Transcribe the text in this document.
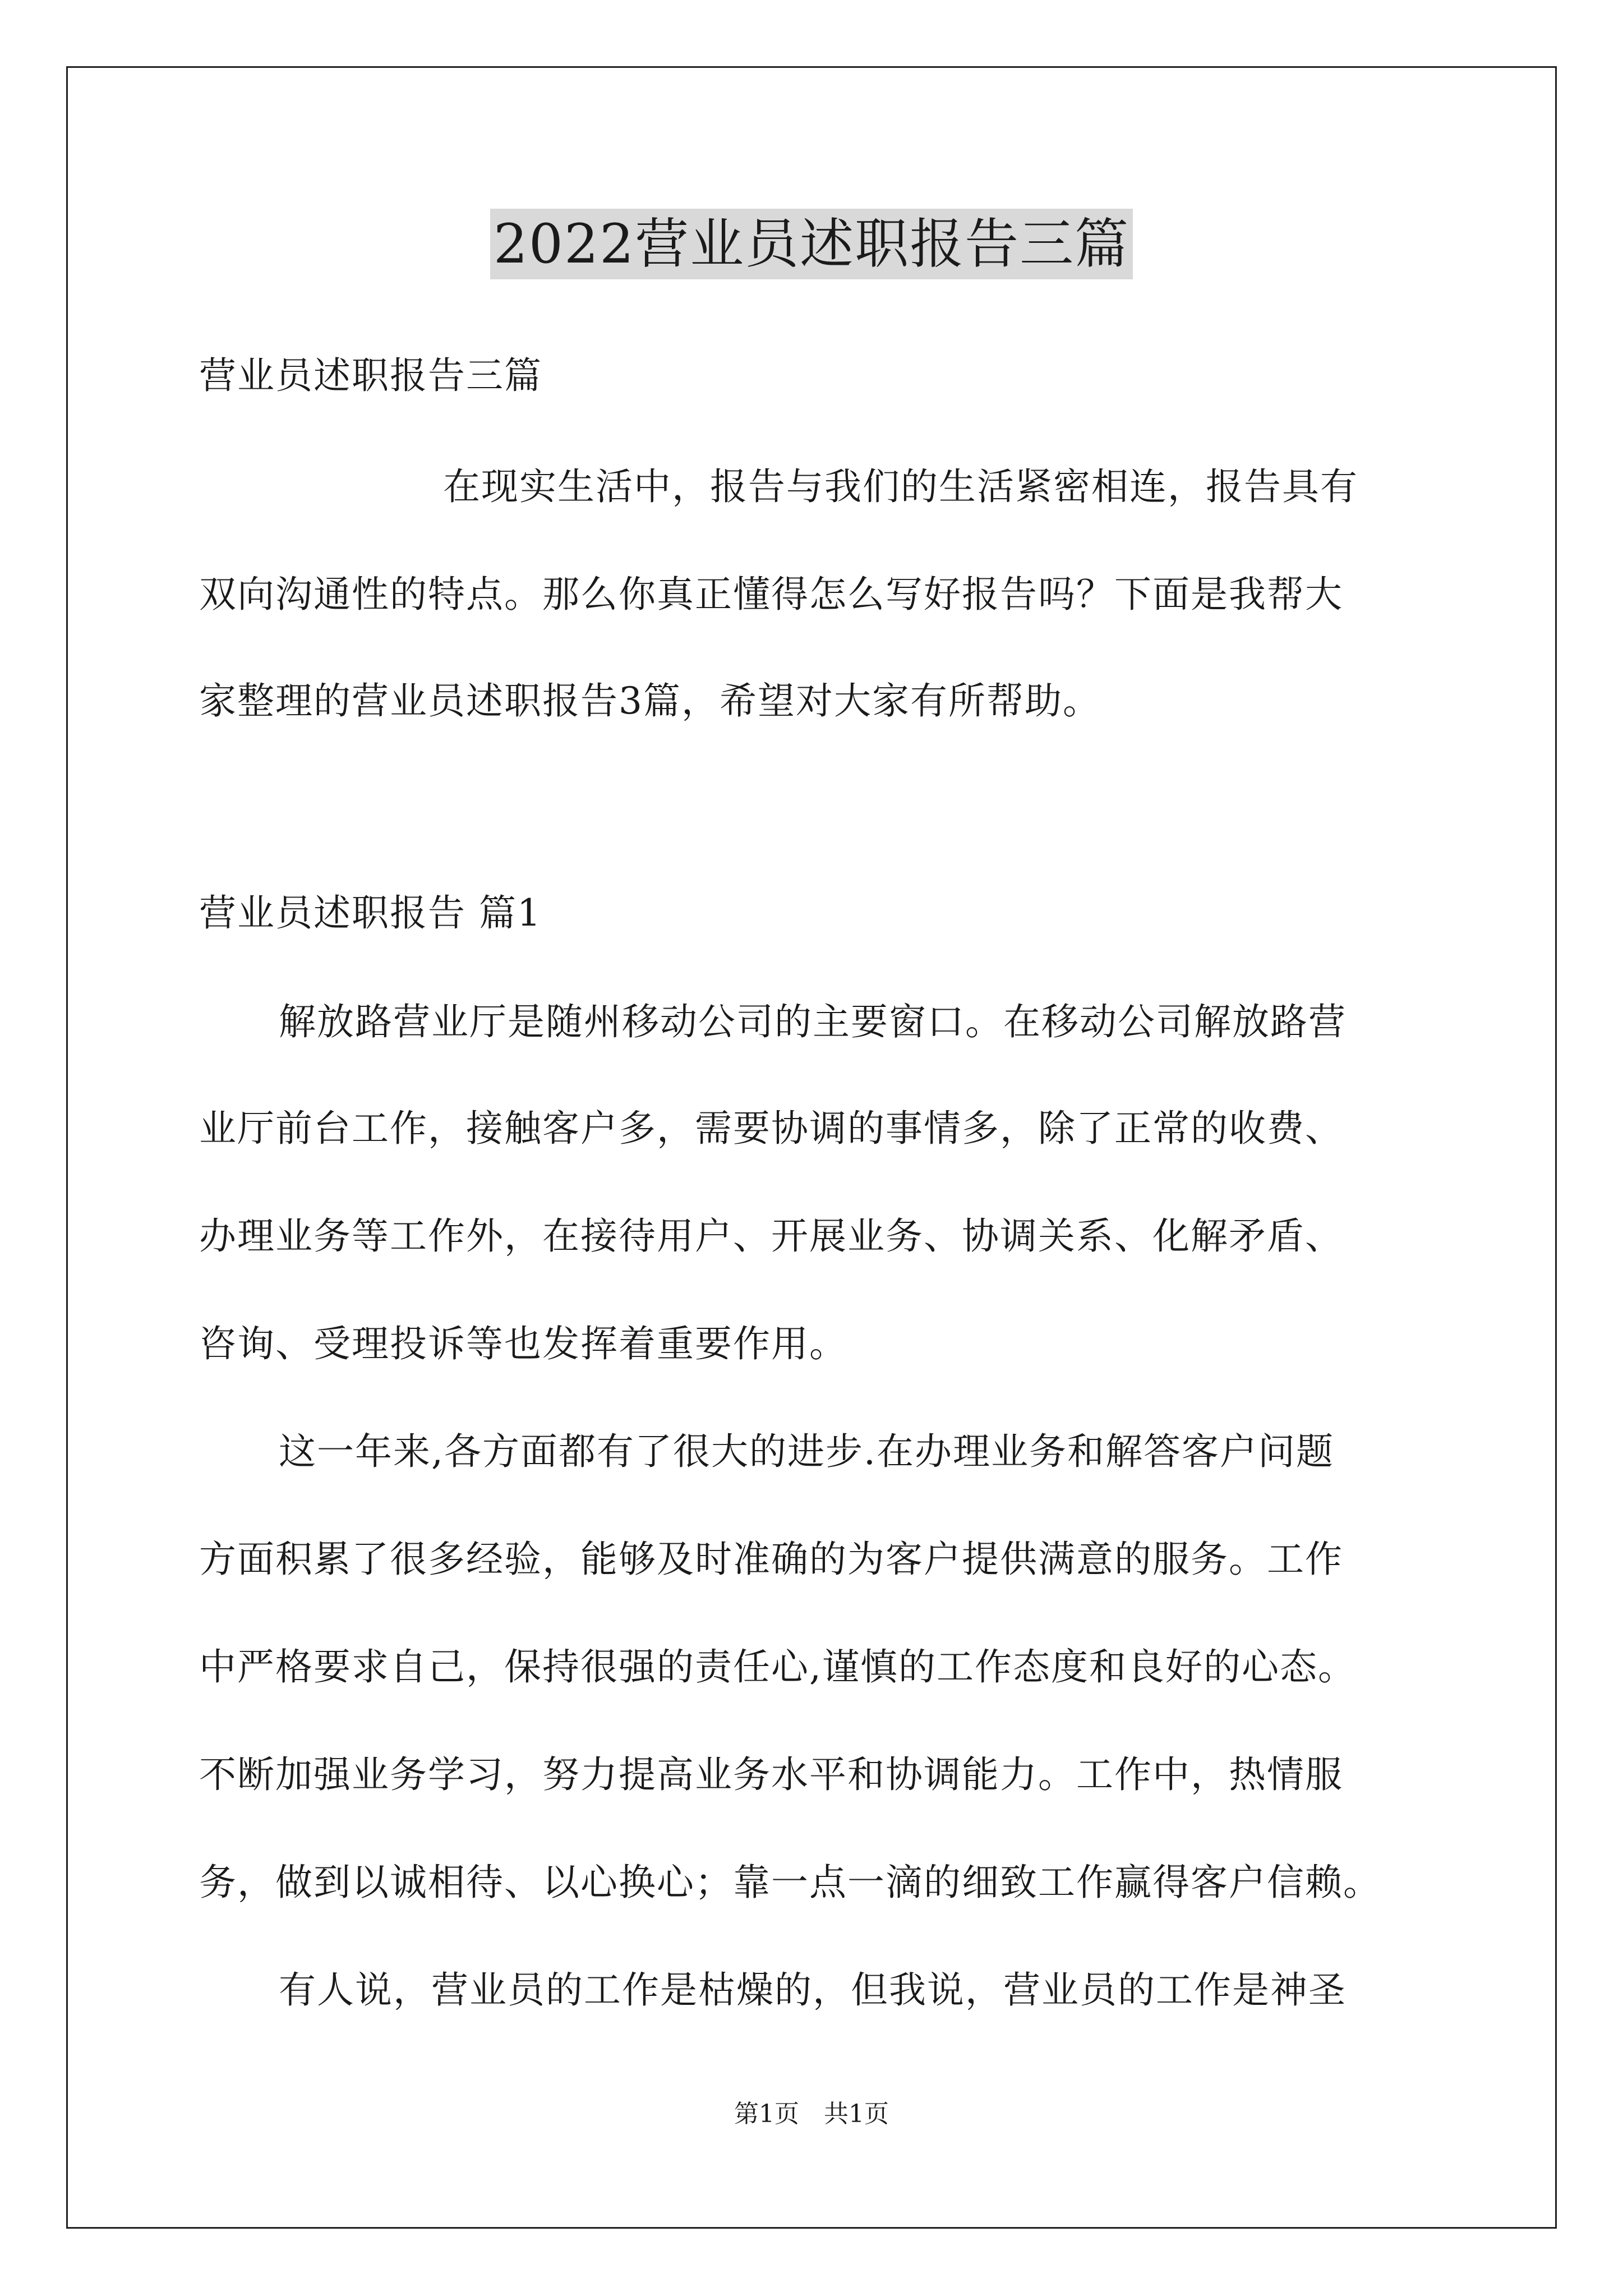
2022营业员述职报告三篇
营业员述职报告三篇
在现实生活中，报告与我们的生活紧密相连，报告具有
双向沟通性的特点。那么你真正懂得怎么写好报告吗？下面是我帮大
家整理的营业员述职报告3篇，希望对大家有所帮助。
营业员述职报告 篇1
解放路营业厅是随州移动公司的主要窗口。在移动公司解放路营
业厅前台工作，接触客户多，需要协调的事情多，除了正常的收费、
办理业务等工作外，在接待用户、开展业务、协调关系、化解矛盾、
咨询、受理投诉等也发挥着重要作用。
这一年来,各方面都有了很大的进步.在办理业务和解答客户问题
方面积累了很多经验，能够及时准确的为客户提供满意的服务。工作
中严格要求自己，保持很强的责任心,谨慎的工作态度和良好的心态。
不断加强业务学习，努力提高业务水平和协调能力。工作中，热情服
务，做到以诚相待、以心换心；靠一点一滴的细致工作赢得客户信赖。
有人说，营业员的工作是枯燥的，但我说，营业员的工作是神圣
第1页　共1页
